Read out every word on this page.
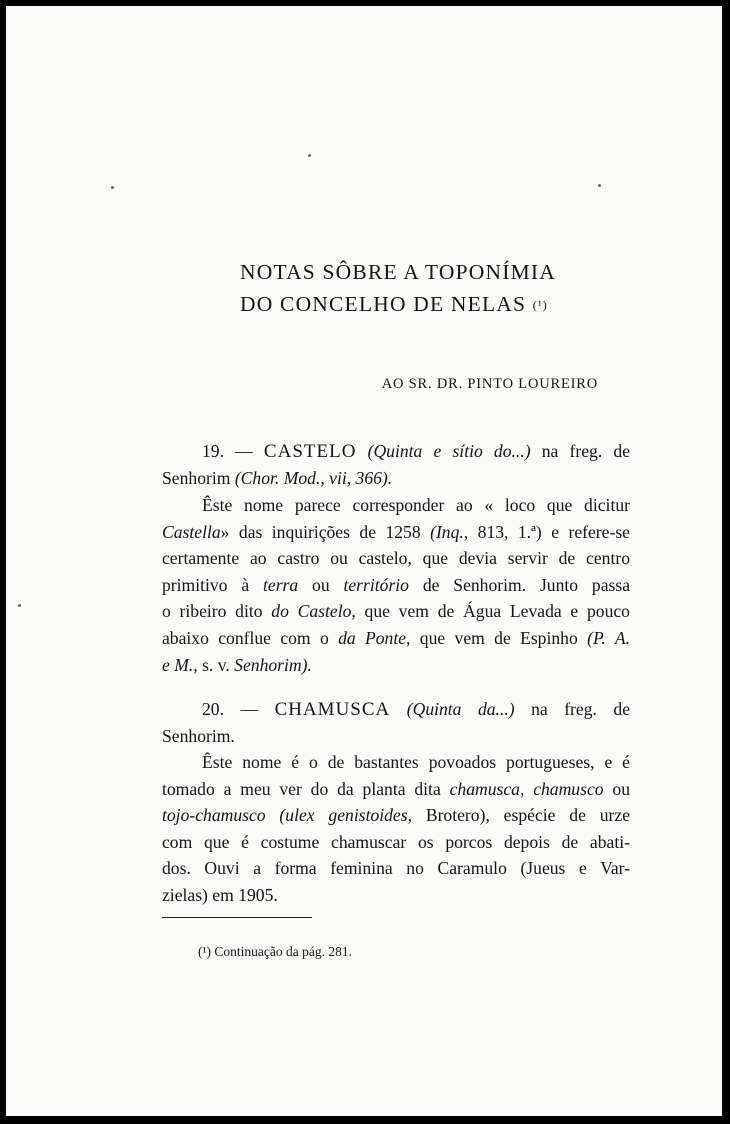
NOTAS SÔBRE A TOPONÍMIA
DO CONCELHO DE NELAS (¹)
AO SR. DR. PINTO LOUREIRO
19. — CASTELO (Quinta e sítio do...) na freg. de
Senhorim (Chor. Mod., vii, 366).
Êste nome parece corresponder ao « loco que dicitur
Castella» das inquirições de 1258 (Inq., 813, 1.ª) e refere-se
certamente ao castro ou castelo, que devia servir de centro
primitivo à terra ou território de Senhorim. Junto passa
o ribeiro dito do Castelo, que vem de Água Levada e pouco
abaixo conflue com o da Ponte, que vem de Espinho (P. A.
e M., s. v. Senhorim).
20. — CHAMUSCA (Quinta da...) na freg. de
Senhorim.
Êste nome é o de bastantes povoados portugueses, e é
tomado a meu ver do da planta dita chamusca, chamusco ou
tojo-chamusco (ulex genistoides, Brotero), espécie de urze
com que é costume chamuscar os porcos depois de abati-
dos. Ouvi a forma feminina no Caramulo (Jueus e Var-
zielas) em 1905.
(¹) Continuação da pág. 281.
